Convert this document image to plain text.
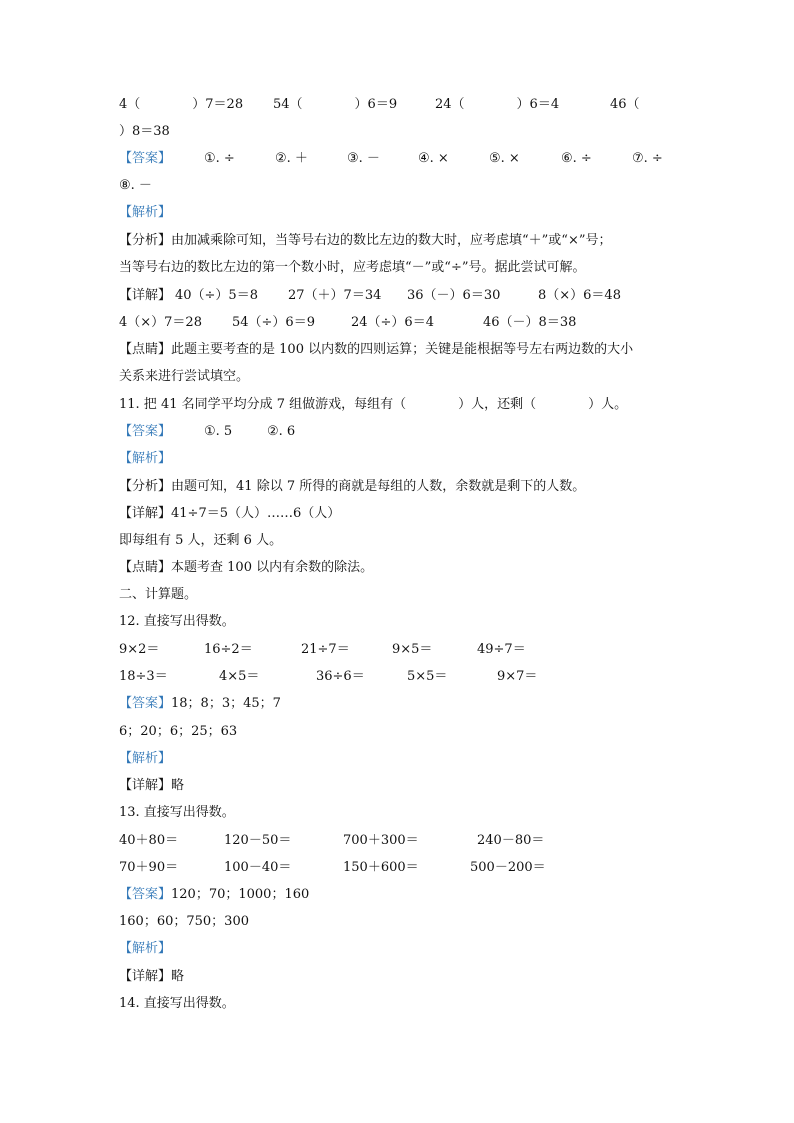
4（　　　　）7＝28 54（　　　　）6＝9	24（　　　　）6＝4	46（
）8＝38
【答案】	①. ÷	②. ＋	③. －	④. ×	⑤. ×	⑥. ÷	⑦. ÷
⑧. －
【解析】
【分析】由加减乘除可知，当等号右边的数比左边的数大时，应考虑填“＋”或“×”号；
当等号右边的数比左边的第一个数小时，应考虑填“－”或“÷”号。据此尝试可解。
【详解】 40（÷）5＝8 27（＋）7＝34 36（－）6＝30	8（×）6＝48
4（×）7＝28 54（÷）6＝9	24（÷）6＝4	46（－）8＝38
【点睛】此题主要考查的是 100 以内数的四则运算；关键是能根据等号左右两边数的大小
关系来进行尝试填空。
11. 把 41 名同学平均分成 7 组做游戏，每组有（　　　　）人，还剩（　　　　）人。
【答案】	①. 5	②. 6
【解析】
【分析】由题可知，41 除以 7 所得的商就是每组的人数，余数就是剩下的人数。
【详解】41÷7＝5（人）……6（人）
即每组有 5 人，还剩 6 人。
【点睛】本题考查 100 以内有余数的除法。
二、计算题。
12. 直接写出得数。
9×2＝	16÷2＝	21÷7＝	9×5＝	49÷7＝
18÷3＝	4×5＝	36÷6＝	5×5＝	9×7＝
【答案】18；8；3；45；7
6；20；6；25；63
【解析】
【详解】略
13. 直接写出得数。
40＋80＝	120－50＝	700＋300＝	240－80＝
70＋90＝	100－40＝	150＋600＝	500－200＝
【答案】120；70；1000；160
160；60；750；300
【解析】
【详解】略
14. 直接写出得数。
